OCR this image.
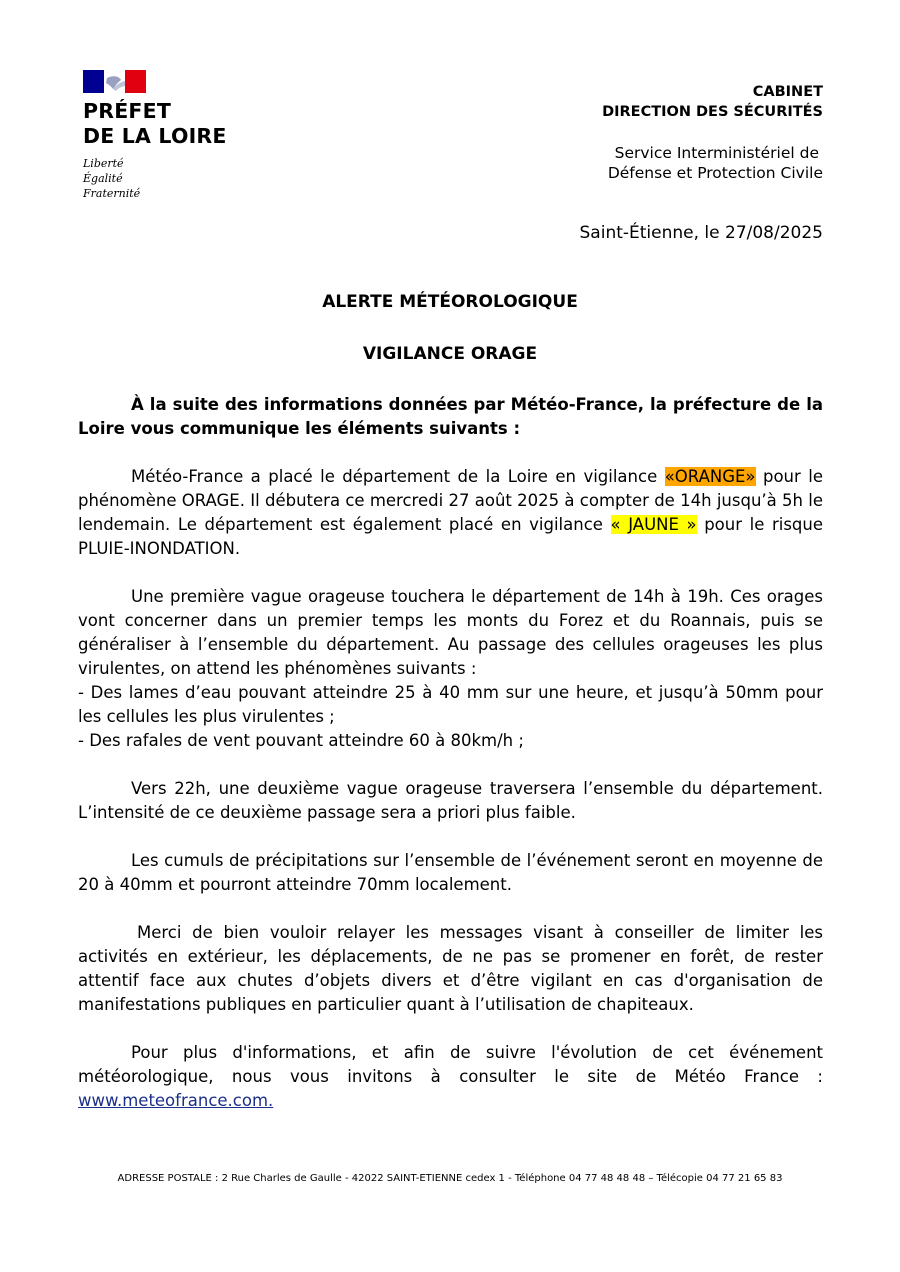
PRÉFET
DE LA LOIRE
Liberté
Égalité
Fraternité
CABINET
DIRECTION DES SÉCURITÉS
Service Interministériel de
Défense et Protection Civile
Saint-Étienne, le 27/08/2025
ALERTE MÉTÉOROLOGIQUE
VIGILANCE ORAGE

À la suite des informations données par Météo-France, la préfecture de la Loire vous communique les éléments suivants :

Météo-France a placé le département de la Loire en vigilance «ORANGE» pour le phénomène ORAGE. Il débutera ce mercredi 27 août 2025 à compter de 14h jusqu’à 5h le lendemain. Le département est également placé en vigilance « JAUNE » pour le risque PLUIE-INONDATION.

Une première vague orageuse touchera le département de 14h à 19h. Ces orages vont concerner dans un premier temps les monts du Forez et du Roannais, puis se généraliser à l’ensemble du département. Au passage des cellules orageuses les plus virulentes, on attend les phénomènes suivants :

- Des lames d’eau pouvant atteindre 25 à 40 mm sur une heure, et jusqu’à 50mm pour les cellules les plus virulentes ;

- Des rafales de vent pouvant atteindre 60 à 80km/h ;

Vers 22h, une deuxième vague orageuse traversera l’ensemble du département. L’intensité de ce deuxième passage sera a priori plus faible.

Les cumuls de précipitations sur l’ensemble de l’événement seront en moyenne de 20 à 40mm et pourront atteindre 70mm localement.

Merci de bien vouloir relayer les messages visant à conseiller de limiter les activités en extérieur, les déplacements, de ne pas se promener en forêt, de rester attentif face aux chutes d’objets divers et d’être vigilant en cas d'organisation de manifestations publiques en particulier quant à l’utilisation de chapiteaux.

Pour plus d'informations, et afin de suivre l'évolution de cet événement météorologique, nous vous invitons à consulter le site de Météo France : www.meteofrance.com.

ADRESSE POSTALE : 2 Rue Charles de Gaulle - 42022 SAINT-ETIENNE cedex 1 - Téléphone 04 77 48 48 48 – Télécopie 04 77 21 65 83
